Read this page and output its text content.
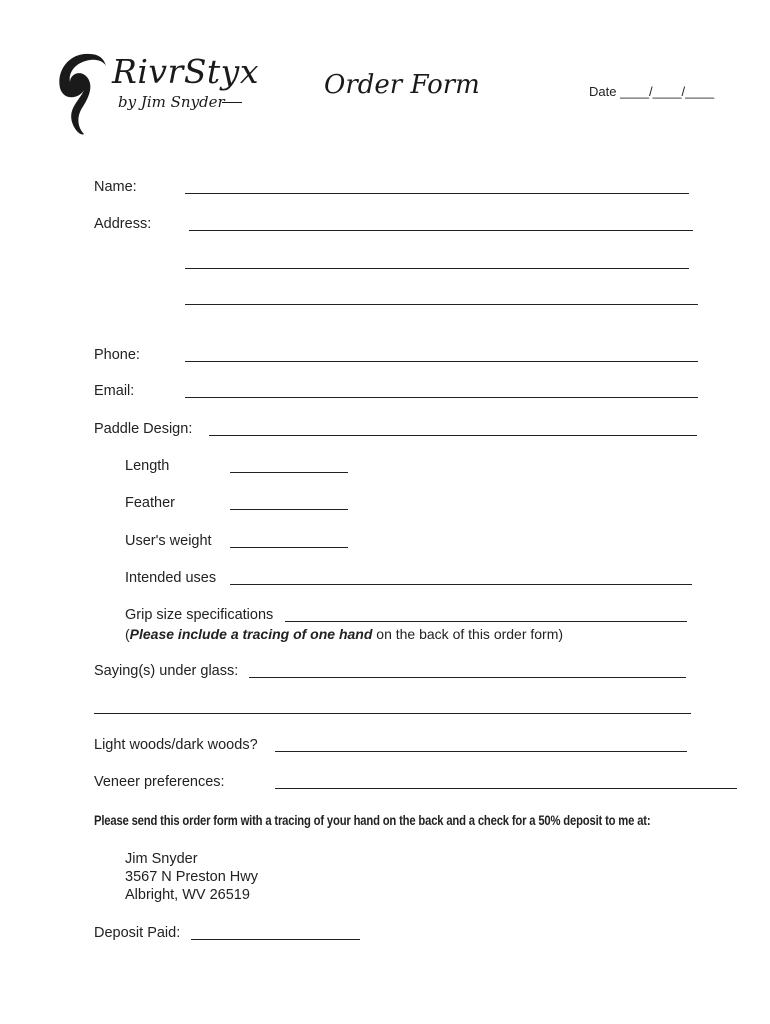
RivrStyx
by Jim Snyder
Order Form	Date ____/____/____
Name:
Address:
Phone:
Email:
Paddle Design:
Length
Feather
User's weight
Intended uses
Grip size specifications
(Please include a tracing of one hand on the back of this order form)
Saying(s) under glass:
Light woods/dark woods?
Veneer preferences:
Please send this order form with a tracing of your hand on the back and a check for a 50% deposit to me at:
Jim Snyder
3567 N Preston Hwy
Albright, WV 26519
Deposit Paid:
